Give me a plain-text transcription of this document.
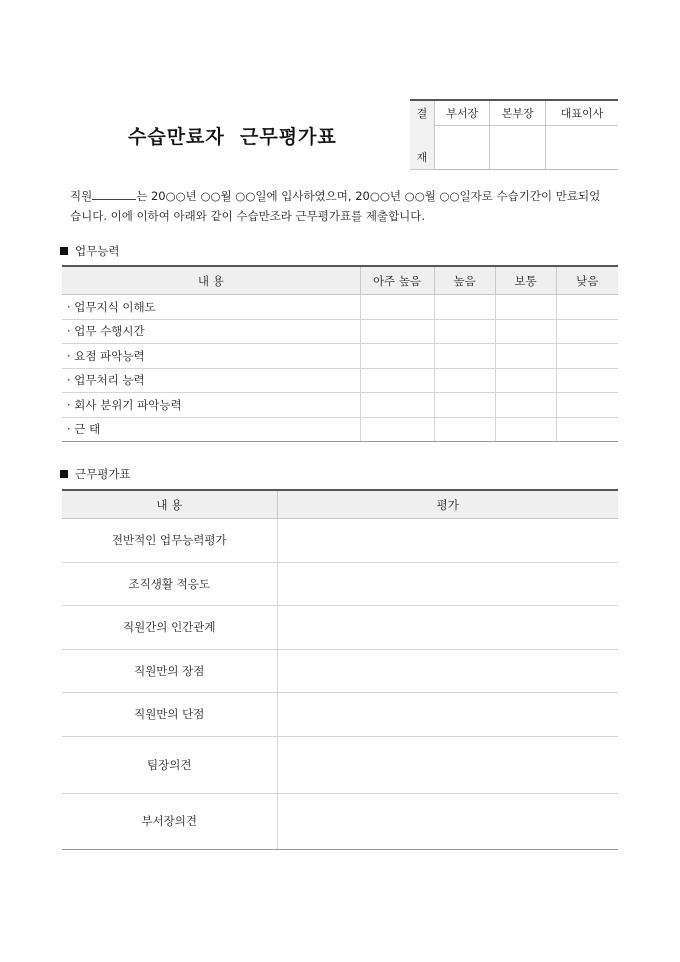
수습만료자  근무평가표
결
재	부서장	본부장	대표이사

직원	는 20○○년 ○○월 ○○일에 입사하였으며, 20○○년 ○○월 ○○일자로 수습기간이 만료되었습니다. 이에 이하여 아래와 같이 수습만조라 근무평가표를 제출합니다.
업무능력
내 용	아주 높음	높음	보통	낮음
· 업무지식 이해도				
· 업무 수행시간				
· 요점 파악능력				
· 업무처리 능력				
· 회사 분위기 파악능력				
· 근 태				
근무평가표
내 용	평가
전반적인 업무능력평가	
조직생활 적응도	
직원간의 인간관계	
직원만의 장점	
직원만의 단점	
팀장의견	
부서장의견	
